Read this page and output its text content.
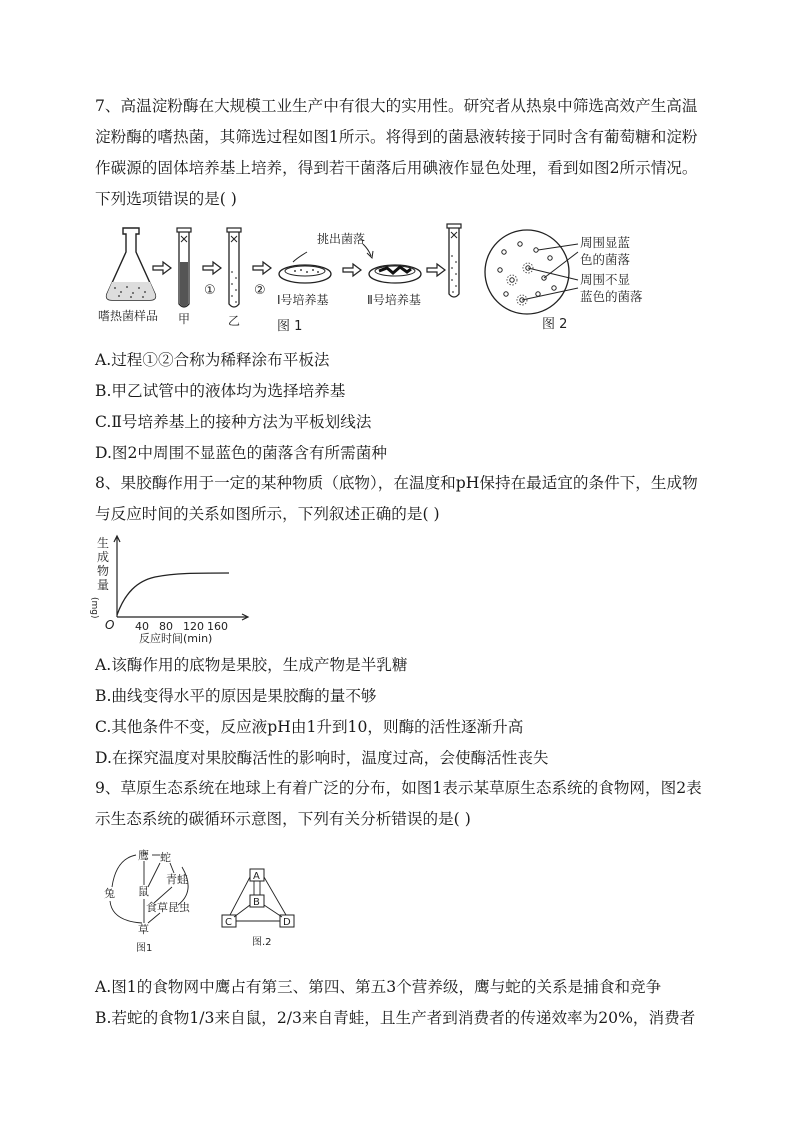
7、高温淀粉酶在大规模工业生产中有很大的实用性。研究者从热泉中筛选高效产生高温淀粉酶的嗜热菌，其筛选过程如图1所示。将得到的菌悬液转接于同时含有葡萄糖和淀粉作碳源的固体培养基上培养，得到若干菌落后用碘液作显色处理，看到如图2所示情况。下列选项错误的是( )

嗜热菌样品 甲
①
乙
②
挑出菌落
Ⅰ号培养基	Ⅱ号培养基
图 1
周围显蓝
色的菌落
周围不显
蓝色的菌落
图 2

A.过程①②合称为稀释涂布平板法

B.甲乙试管中的液体均为选择培养基

C.Ⅱ号培养基上的接种方法为平板划线法

D.图2中周围不显蓝色的菌落含有所需菌种

8、果胶酶作用于一定的某种物质（底物），在温度和pH保持在最适宜的条件下，生成物与反应时间的关系如图所示，下列叙述正确的是( )

生
成
物
量
(mg)
O 40 80 120 160
反应时间(min)

A.该酶作用的底物是果胶，生成产物是半乳糖

B.曲线变得水平的原因是果胶酶的量不够

C.其他条件不变，反应液pH由1升到10，则酶的活性逐渐升高

D.在探究温度对果胶酶活性的影响时，温度过高，会使酶活性丧失

9、草原生态系统在地球上有着广泛的分布，如图1表示某草原生态系统的食物网，图2表示生态系统的碳循环示意图，下列有关分析错误的是( )

鹰 蛇
兔 鼠
青蛙
食草昆虫
草
图1
A
B
C	D
图.2

A.图1的食物网中鹰占有第三、第四、第五3个营养级，鹰与蛇的关系是捕食和竞争

B.若蛇的食物1/3来自鼠，2/3来自青蛙，且生产者到消费者的传递效率为20%，消费者
